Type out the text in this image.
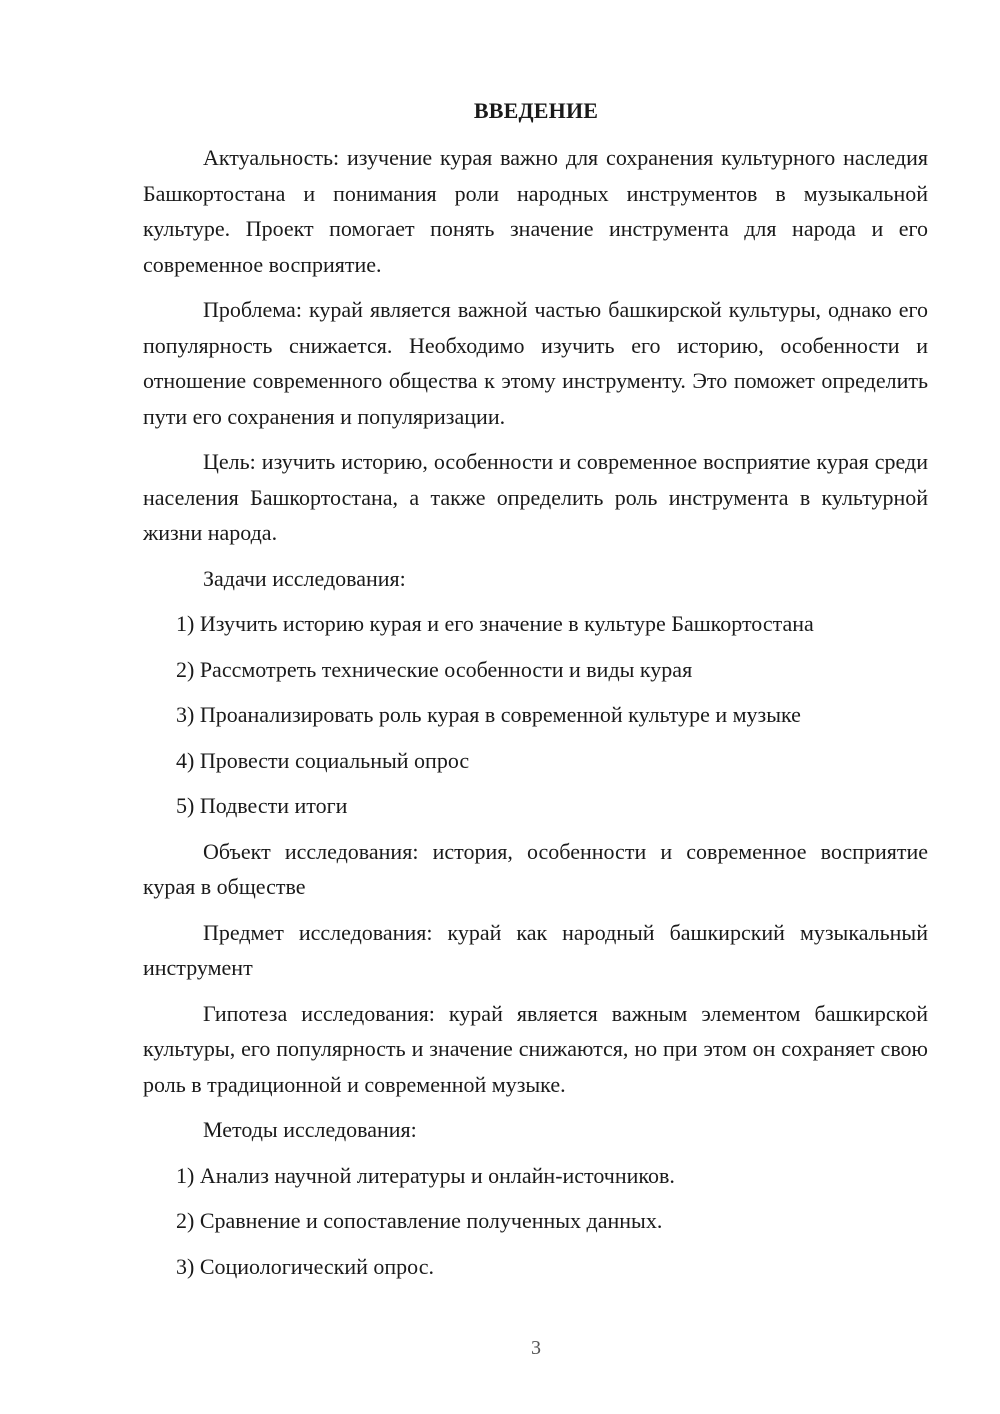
ВВЕДЕНИЕ

Актуальность: изучение курая важно для сохранения культурного наследия Башкортостана и понимания роли народных инструментов в музыкальной культуре. Проект помогает понять значение инструмента для народа и его современное восприятие.

Проблема: курай является важной частью башкирской культуры, однако его популярность снижается. Необходимо изучить его историю, особенности и отношение современного общества к этому инструменту. Это поможет определить пути его сохранения и популяризации.

Цель: изучить историю, особенности и современное восприятие курая среди населения Башкортостана, а также определить роль инструмента в культурной жизни народа.

Задачи исследования:

1) Изучить историю курая и его значение в культуре Башкортостана

2) Рассмотреть технические особенности и виды курая

3) Проанализировать роль курая в современной культуре и музыке

4) Провести социальный опрос

5) Подвести итоги

Объект исследования: история, особенности и современное восприятие курая в обществе

Предмет исследования: курай как народный башкирский музыкальный инструмент

Гипотеза исследования: курай является важным элементом башкирской культуры, его популярность и значение снижаются, но при этом он сохраняет свою роль в традиционной и современной музыке.

Методы исследования:

1) Анализ научной литературы и онлайн-источников.

2) Сравнение и сопоставление полученных данных.

3) Социологический опрос.

3
